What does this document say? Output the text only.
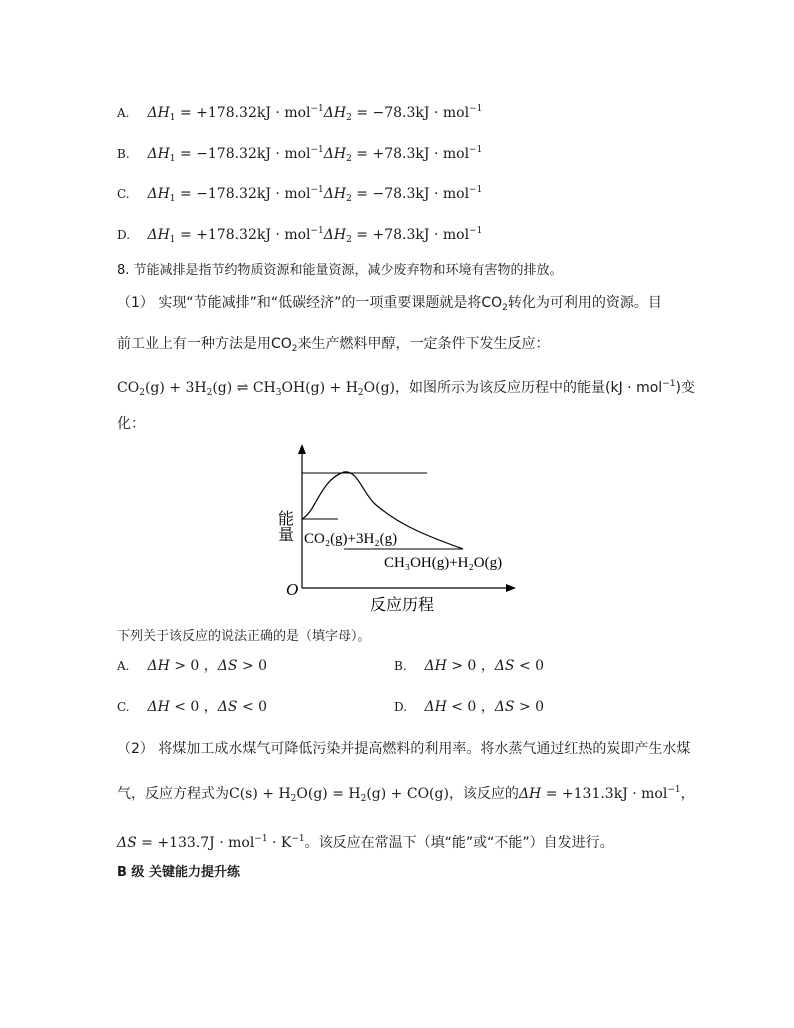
A. $\Delta H_1 = +178.32kJ \cdot mol^{-1}\Delta H_2 = -78.3kJ \cdot mol^{-1}$
B. $\Delta H_1 = -178.32kJ \cdot mol^{-1}\Delta H_2 = +78.3kJ \cdot mol^{-1}$
C. $\Delta H_1 = -178.32kJ \cdot mol^{-1}\Delta H_2 = -78.3kJ \cdot mol^{-1}$
D. $\Delta H_1 = +178.32kJ \cdot mol^{-1}\Delta H_2 = +78.3kJ \cdot mol^{-1}$
8. 节能减排是指节约物质资源和能量资源，减少废弃物和环境有害物的排放。
（1） 实现“节能减排”和“低碳经济”的一项重要课题就是将$CO_2$转化为可利用的资源。目
前工业上有一种方法是用$CO_2$来生产燃料甲醇，一定条件下发生反应：
$CO_2(g) + 3H_2(g)$ ⇌ $CH_3OH(g) + H_2O(g)$，如图所示为该反应历程中的能量(kJ · mol$^{-1}$)变
化：
能量
O
反应历程
CO₂(g)+3H₂(g)
CH₃OH(g)+H₂O(g)
下列关于该反应的说法正确的是（填字母）。
A. ΔH > 0 ，ΔS > 0	B. ΔH > 0 ，ΔS < 0
C. ΔH < 0 ，ΔS < 0	D. ΔH < 0 ，ΔS > 0
（2） 将煤加工成水煤气可降低污染并提高燃料的利用率。将水蒸气通过红热的炭即产生水煤
气，反应方程式为$C(s) + H_2O(g) = H_2(g) + CO(g)$，该反应的ΔH = +131.3kJ · mol$^{-1}$，
$\Delta S = +133.7J \cdot mol^{-1} \cdot K^{-1}$。该反应在常温下（填“能”或“不能”）自发进行。
B 级 关键能力提升练
